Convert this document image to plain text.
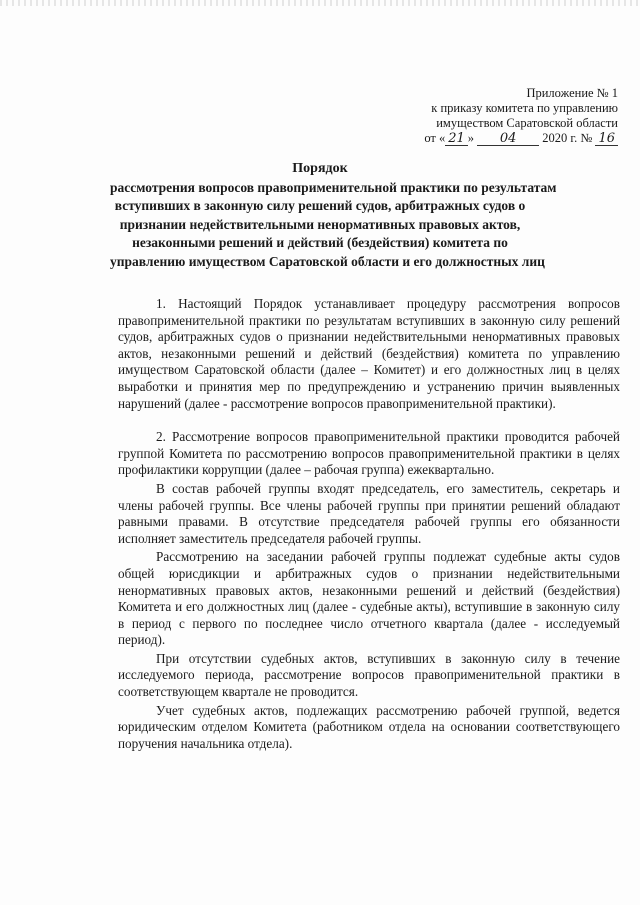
Приложение № 1
к приказу комитета по управлению
имуществом Саратовской области
от « 21 » 04 2020 г. № 16
Порядок
рассмотрения вопросов правоприменительной практики по результатам
вступивших в законную силу решений судов, арбитражных судов о
признании недействительными ненормативных правовых актов,
незаконными решений и действий (бездействия) комитета по
управлению имуществом Саратовской области и его должностных лиц

1. Настоящий Порядок устанавливает процедуру рассмотрения вопросов правоприменительной практики по результатам вступивших в законную силу решений судов, арбитражных судов о признании недействительными ненормативных правовых актов, незаконными решений и действий (бездействия) комитета по управлению имуществом Саратовской области (далее – Комитет) и его должностных лиц в целях выработки и принятия мер по предупреждению и устранению причин выявленных нарушений (далее - рассмотрение вопросов правоприменительной практики).

2. Рассмотрение вопросов правоприменительной практики проводится рабочей группой Комитета по рассмотрению вопросов правоприменительной практики в целях профилактики коррупции (далее – рабочая группа) ежеквартально.

В состав рабочей группы входят председатель, его заместитель, секретарь и члены рабочей группы. Все члены рабочей группы при принятии решений обладают равными правами. В отсутствие председателя рабочей группы его обязанности исполняет заместитель председателя рабочей группы.

Рассмотрению на заседании рабочей группы подлежат судебные акты судов общей юрисдикции и арбитражных судов о признании недействительными ненормативных правовых актов, незаконными решений и действий (бездействия) Комитета и его должностных лиц (далее - судебные акты), вступившие в законную силу в период с первого по последнее число отчетного квартала (далее - исследуемый период).

При отсутствии судебных актов, вступивших в законную силу в течение исследуемого периода, рассмотрение вопросов правоприменительной практики в соответствующем квартале не проводится.

Учет судебных актов, подлежащих рассмотрению рабочей группой, ведется юридическим отделом Комитета (работником отдела на основании соответствующего поручения начальника отдела).
